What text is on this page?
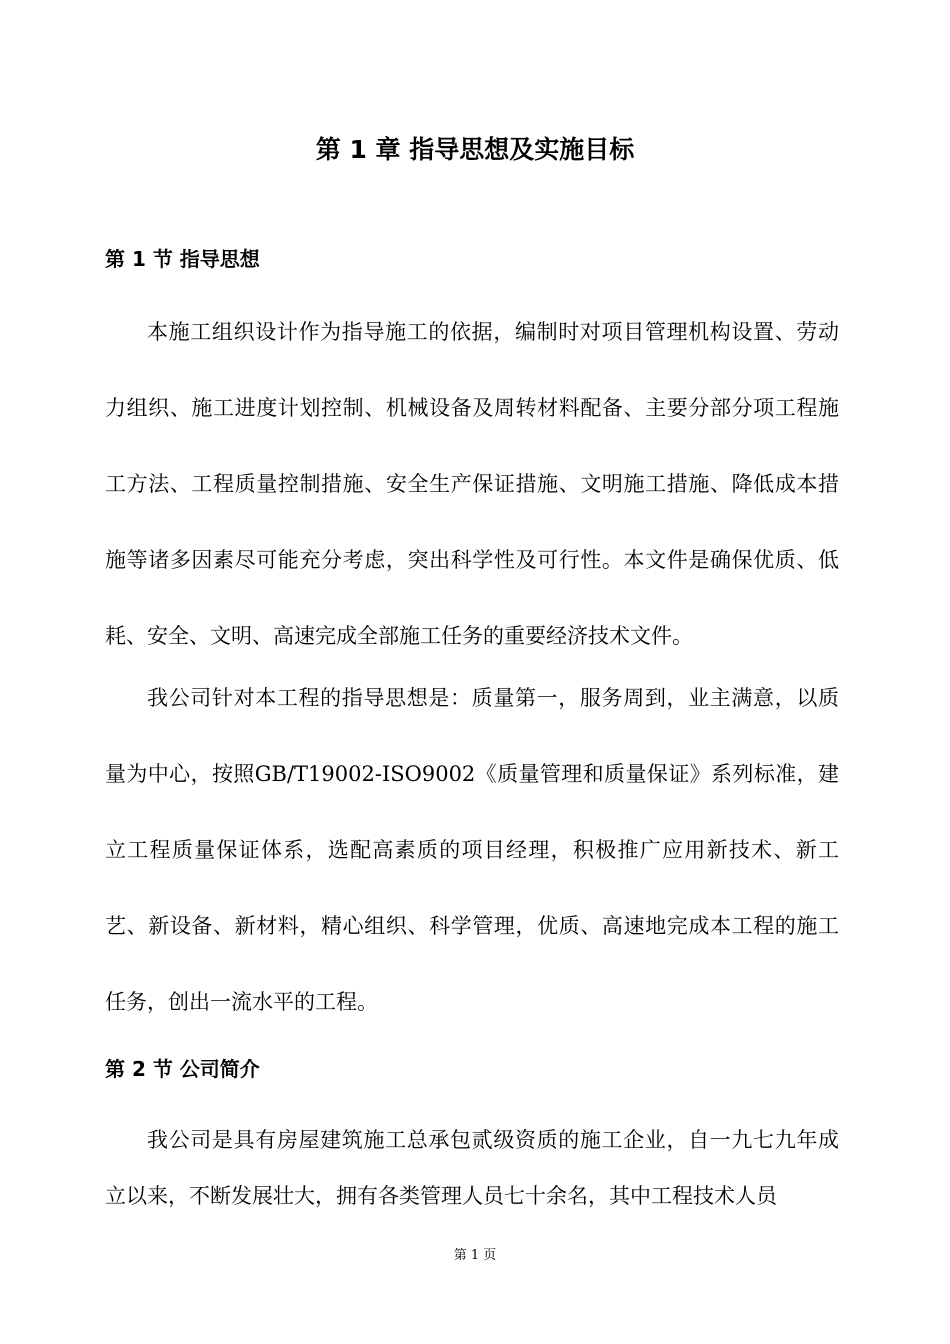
第 1 章 指导思想及实施目标
第 1 节 指导思想

本施工组织设计作为指导施工的依据，编制时对项目管理机构设置、劳动力组织、施工进度计划控制、机械设备及周转材料配备、主要分部分项工程施工方法、工程质量控制措施、安全生产保证措施、文明施工措施、降低成本措施等诸多因素尽可能充分考虑，突出科学性及可行性。本文件是确保优质、低耗、安全、文明、高速完成全部施工任务的重要经济技术文件。

我公司针对本工程的指导思想是：质量第一，服务周到，业主满意，以质量为中心，按照GB/T19002-ISO9002《质量管理和质量保证》系列标准，建立工程质量保证体系，选配高素质的项目经理，积极推广应用新技术、新工艺、新设备、新材料，精心组织、科学管理，优质、高速地完成本工程的施工任务，创出一流水平的工程。

第 2 节 公司简介

我公司是具有房屋建筑施工总承包贰级资质的施工企业，自一九七九年成立以来，不断发展壮大，拥有各类管理人员七十余名，其中工程技术人员

第 1 页
